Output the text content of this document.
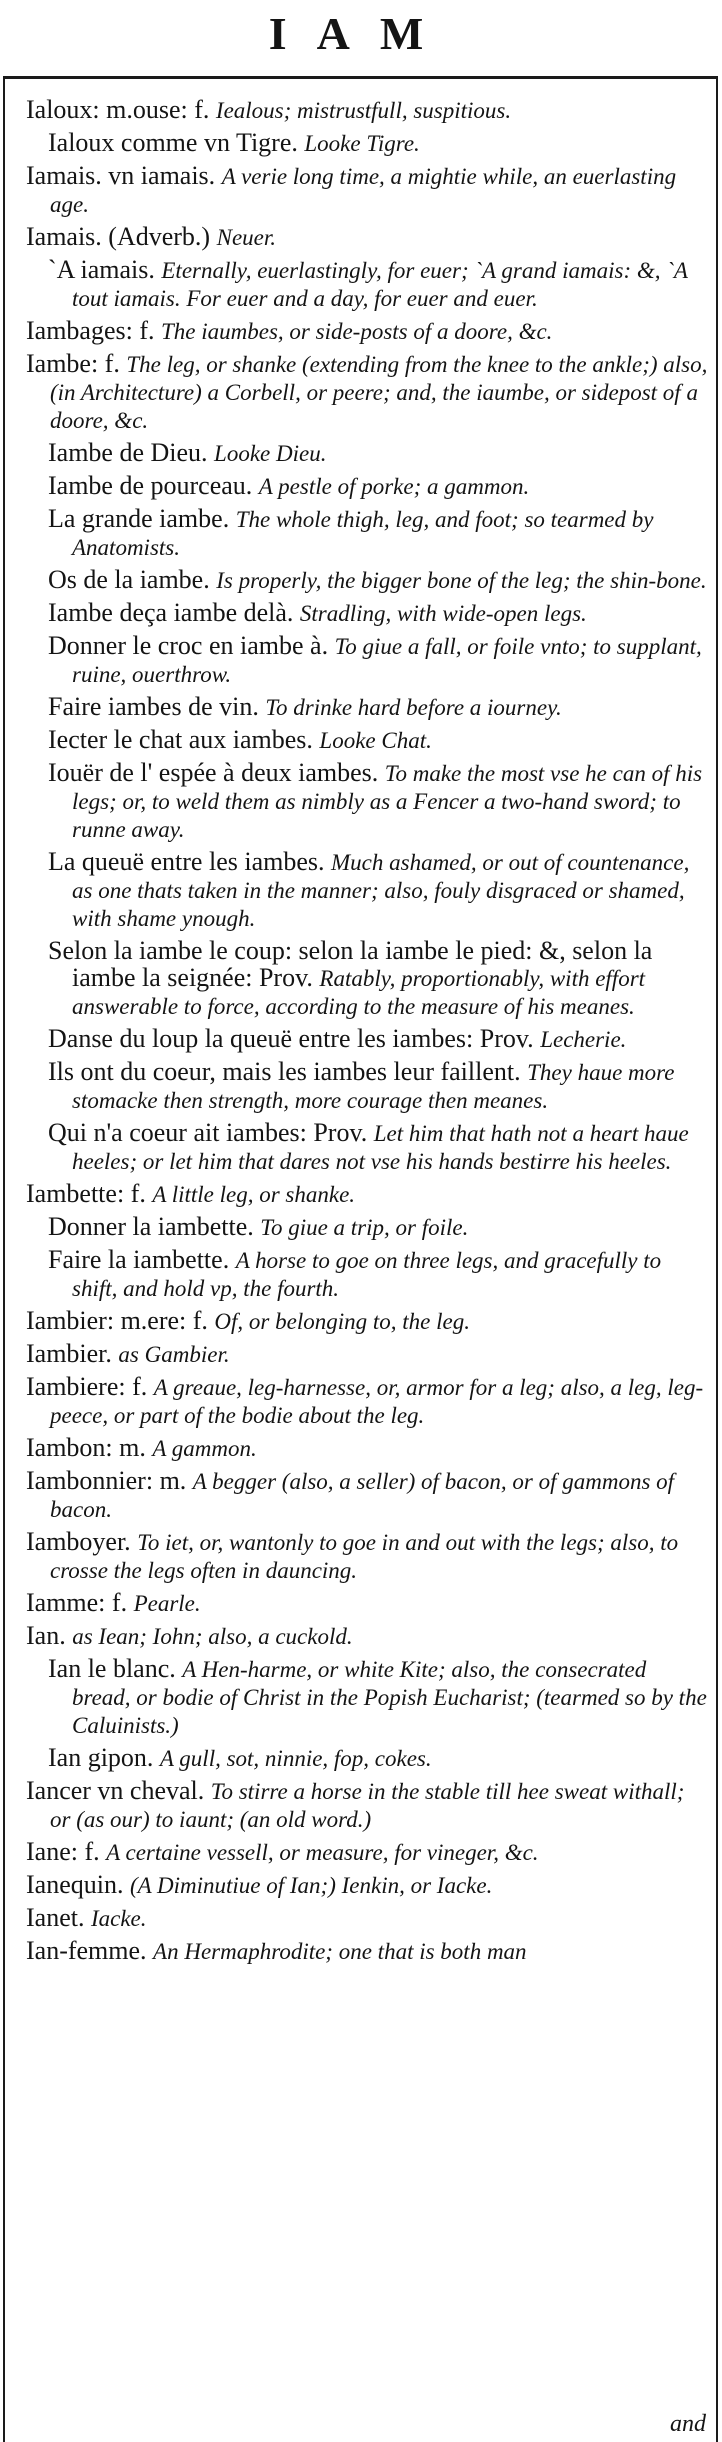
IAM
Ialoux: m.ouse: f. Iealous; mistrustfull, suspitious.
Ialoux comme vn Tigre. Looke Tigre.
Iamais. vn iamais. A verie long time, a mightie while, an euerlasting age.
Iamais. (Adverb.) Neuer.
`A iamais. Eternally, euerlastingly, for euer; `A grand iamais: &, `A tout iamais. For euer and a day, for euer and euer.
Iambages: f. The iaumbes, or side-posts of a doore, &c.
Iambe: f. The leg, or shanke (extending from the knee to the ankle;) also, (in Architecture) a Corbell, or peere; and, the iaumbe, or sidepost of a doore, &c.
Iambe de Dieu. Looke Dieu.
Iambe de pourceau. A pestle of porke; a gammon.
La grande iambe. The whole thigh, leg, and foot; so tearmed by Anatomists.
Os de la iambe. Is properly, the bigger bone of the leg; the shin-bone.
Iambe deça iambe delà. Stradling, with wide-open legs.
Donner le croc en iambe à. To giue a fall, or foile vnto; to supplant, ruine, ouerthrow.
Faire iambes de vin. To drinke hard before a iourney.
Iecter le chat aux iambes. Looke Chat.
Iouër de l' espée à deux iambes. To make the most vse he can of his legs; or, to weld them as nimbly as a Fencer a two-hand sword; to runne away.
La queuë entre les iambes. Much ashamed, or out of countenance, as one thats taken in the manner; also, fouly disgraced or shamed, with shame ynough.
Selon la iambe le coup: selon la iambe le pied: &, selon la iambe la seignée: Prov. Ratably, proportionably, with effort answerable to force, according to the measure of his meanes.
Danse du loup la queuë entre les iambes: Prov. Lecherie.
Ils ont du coeur, mais les iambes leur faillent. They haue more stomacke then strength, more courage then meanes.
Qui n'a coeur ait iambes: Prov. Let him that hath not a heart haue heeles; or let him that dares not vse his hands bestirre his heeles.
Iambette: f. A little leg, or shanke.
Donner la iambette. To giue a trip, or foile.
Faire la iambette. A horse to goe on three legs, and gracefully to shift, and hold vp, the fourth.
Iambier: m.ere: f. Of, or belonging to, the leg.
Iambier. as Gambier.
Iambiere: f. A greaue, leg-harnesse, or, armor for a leg; also, a leg, leg-peece, or part of the bodie about the leg.
Iambon: m. A gammon.
Iambonnier: m. A begger (also, a seller) of bacon, or of gammons of bacon.
Iamboyer. To iet, or, wantonly to goe in and out with the legs; also, to crosse the legs often in dauncing.
Iamme: f. Pearle.
Ian. as Iean; Iohn; also, a cuckold.
Ian le blanc. A Hen-harme, or white Kite; also, the consecrated bread, or bodie of Christ in the Popish Eucharist; (tearmed so by the Caluinists.)
Ian gipon. A gull, sot, ninnie, fop, cokes.
Iancer vn cheval. To stirre a horse in the stable till hee sweat withall; or (as our) to iaunt; (an old word.)
Iane: f. A certaine vessell, or measure, for vineger, &c.
Ianequin. (A Diminutiue of Ian;) Ienkin, or Iacke.
Ianet. Iacke.
Ian-femme. An Hermaphrodite; one that is both man
and
